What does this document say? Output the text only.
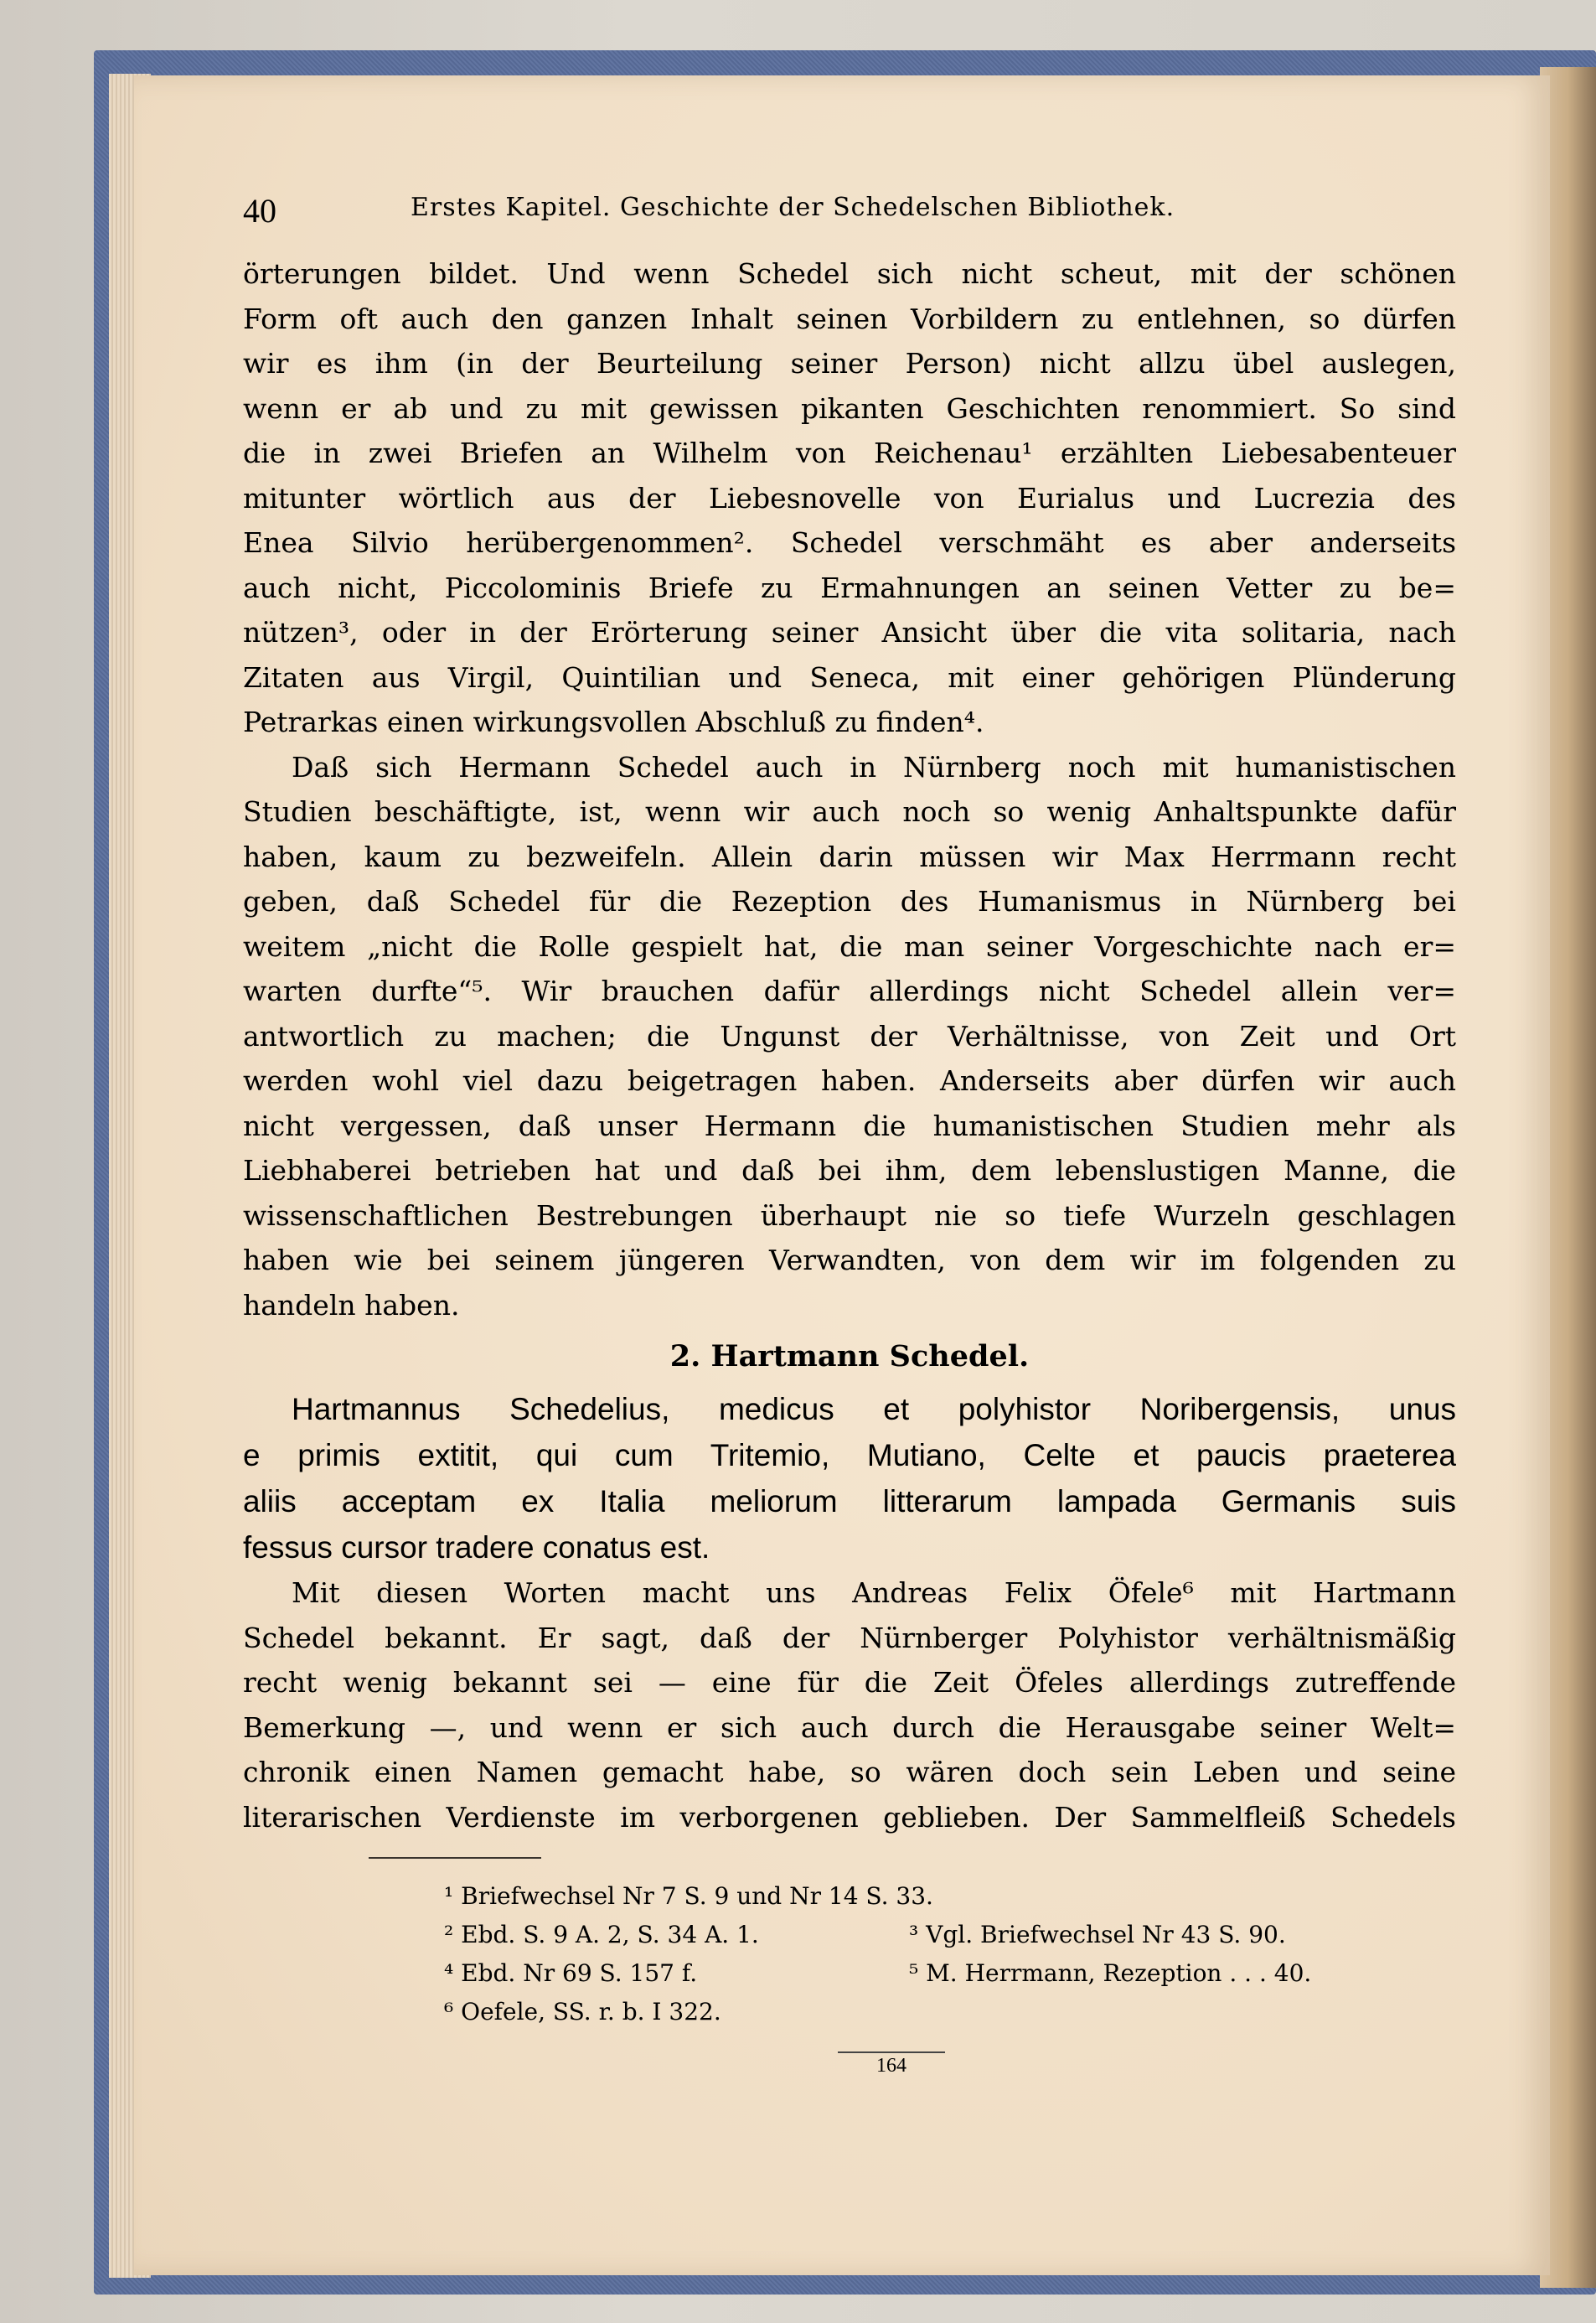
40	Erstes Kapitel. Geschichte der Schedelschen Bibliothek.
örterungen bildet. Und wenn Schedel sich nicht scheut, mit der schönen
Form oft auch den ganzen Inhalt seinen Vorbildern zu entlehnen, so dürfen
wir es ihm (in der Beurteilung seiner Person) nicht allzu übel auslegen,
wenn er ab und zu mit gewissen pikanten Geschichten renommiert. So sind
die in zwei Briefen an Wilhelm von Reichenau¹ erzählten Liebesabenteuer
mitunter wörtlich aus der Liebesnovelle von Eurialus und Lucrezia des
Enea Silvio herübergenommen². Schedel verschmäht es aber anderseits
auch nicht, Piccolominis Briefe zu Ermahnungen an seinen Vetter zu be=
nützen³, oder in der Erörterung seiner Ansicht über die vita solitaria, nach
Zitaten aus Virgil, Quintilian und Seneca, mit einer gehörigen Plünderung
Petrarkas einen wirkungsvollen Abschluß zu finden⁴.
Daß sich Hermann Schedel auch in Nürnberg noch mit humanistischen
Studien beschäftigte, ist, wenn wir auch noch so wenig Anhaltspunkte dafür
haben, kaum zu bezweifeln. Allein darin müssen wir Max Herrmann recht
geben, daß Schedel für die Rezeption des Humanismus in Nürnberg bei
weitem „nicht die Rolle gespielt hat, die man seiner Vorgeschichte nach er=
warten durfte“⁵. Wir brauchen dafür allerdings nicht Schedel allein ver=
antwortlich zu machen; die Ungunst der Verhältnisse, von Zeit und Ort
werden wohl viel dazu beigetragen haben. Anderseits aber dürfen wir auch
nicht vergessen, daß unser Hermann die humanistischen Studien mehr als
Liebhaberei betrieben hat und daß bei ihm, dem lebenslustigen Manne, die
wissenschaftlichen Bestrebungen überhaupt nie so tiefe Wurzeln geschlagen
haben wie bei seinem jüngeren Verwandten, von dem wir im folgenden zu
handeln haben.
2. Hartmann Schedel.
Hartmannus Schedelius, medicus et polyhistor Noribergensis, unus
e primis extitit, qui cum Tritemio, Mutiano, Celte et paucis praeterea
aliis acceptam ex Italia meliorum litterarum lampada Germanis suis
fessus cursor tradere conatus est.
Mit diesen Worten macht uns Andreas Felix Öfele⁶ mit Hartmann
Schedel bekannt. Er sagt, daß der Nürnberger Polyhistor verhältnismäßig
recht wenig bekannt sei — eine für die Zeit Öfeles allerdings zutreffende
Bemerkung —, und wenn er sich auch durch die Herausgabe seiner Welt=
chronik einen Namen gemacht habe, so wären doch sein Leben und seine
literarischen Verdienste im verborgenen geblieben. Der Sammelfleiß Schedels
¹ Briefwechsel Nr 7 S. 9 und Nr 14 S. 33.
² Ebd. S. 9 A. 2, S. 34 A. 1.	³ Vgl. Briefwechsel Nr 43 S. 90.
⁴ Ebd. Nr 69 S. 157 f.	⁵ M. Herrmann, Rezeption . . . 40.
⁶ Oefele, SS. r. b. I 322.
164
